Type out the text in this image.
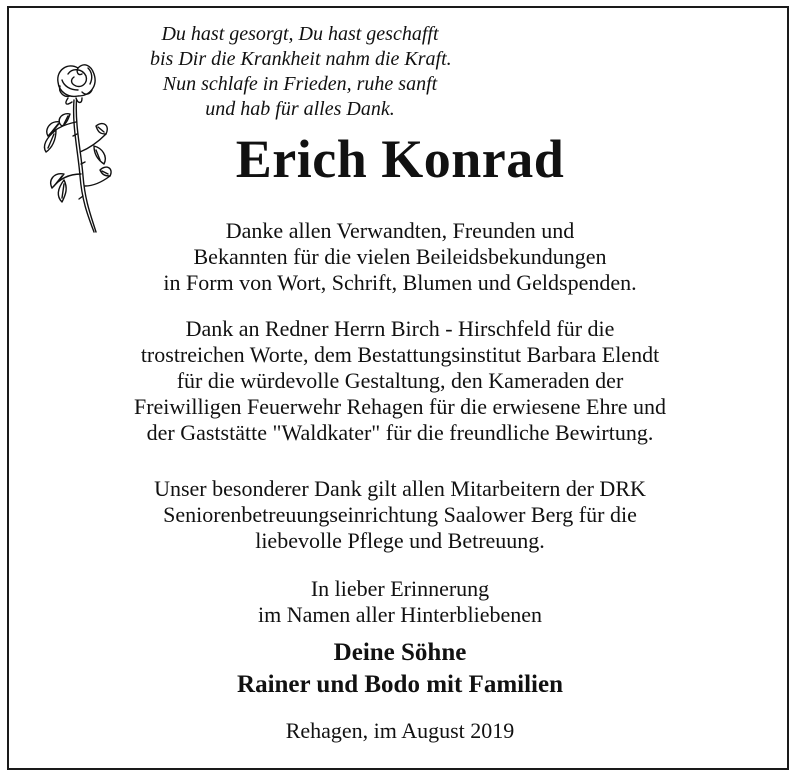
Du hast gesorgt, Du hast geschafft
bis Dir die Krankheit nahm die Kraft.
Nun schlafe in Frieden, ruhe sanft
und hab für alles Dank.
Erich Konrad
Danke allen Verwandten, Freunden und
Bekannten für die vielen Beileidsbekundungen
in Form von Wort, Schrift, Blumen und Geldspenden.
Dank an Redner Herrn Birch - Hirschfeld für die
trostreichen Worte, dem Bestattungsinstitut Barbara Elendt
für die würdevolle Gestaltung, den Kameraden der
Freiwilligen Feuerwehr Rehagen für die erwiesene Ehre und
der Gaststätte "Waldkater" für die freundliche Bewirtung.
Unser besonderer Dank gilt allen Mitarbeitern der DRK
Seniorenbetreuungseinrichtung Saalower Berg für die
liebevolle Pflege und Betreuung.
In lieber Erinnerung
im Namen aller Hinterbliebenen
Deine Söhne
Rainer und Bodo mit Familien
Rehagen, im August 2019
